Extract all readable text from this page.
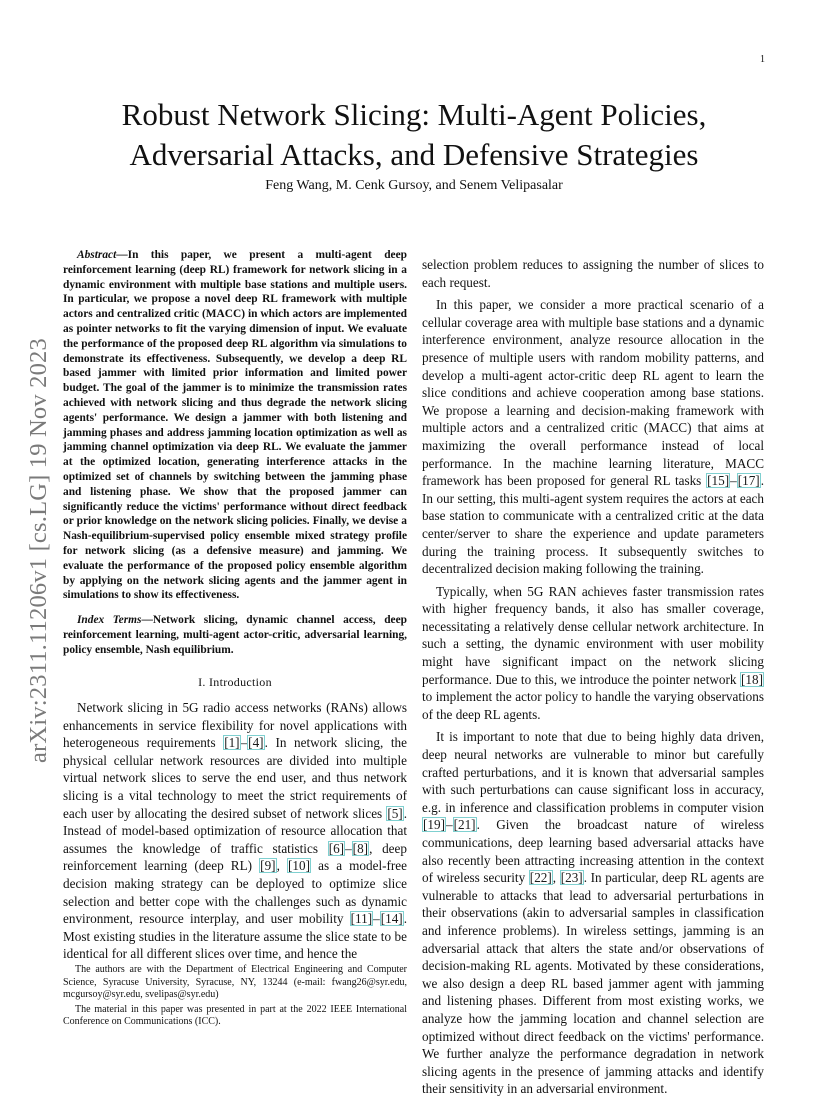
1
arXiv:2311.11206v1 [cs.LG] 19 Nov 2023
Robust Network Slicing: Multi-Agent Policies,
Adversarial Attacks, and Defensive Strategies
Feng Wang, M. Cenk Gursoy, and Senem Velipasalar

Abstract—In this paper, we present a multi-agent deep reinforcement learning (deep RL) framework for network slicing in a dynamic environment with multiple base stations and multiple users. In particular, we propose a novel deep RL framework with multiple actors and centralized critic (MACC) in which actors are implemented as pointer networks to fit the varying dimension of input. We evaluate the performance of the proposed deep RL algorithm via simulations to demonstrate its effectiveness. Subsequently, we develop a deep RL based jammer with limited prior information and limited power budget. The goal of the jammer is to minimize the transmission rates achieved with network slicing and thus degrade the network slicing agents' performance. We design a jammer with both listening and jamming phases and address jamming location optimization as well as jamming channel optimization via deep RL. We evaluate the jammer at the optimized location, generating interference attacks in the optimized set of channels by switching between the jamming phase and listening phase. We show that the proposed jammer can significantly reduce the victims' performance without direct feedback or prior knowledge on the network slicing policies. Finally, we devise a Nash-equilibrium-supervised policy ensemble mixed strategy profile for network slicing (as a defensive measure) and jamming. We evaluate the performance of the proposed policy ensemble algorithm by applying on the network slicing agents and the jammer agent in simulations to show its effectiveness.

Index Terms—Network slicing, dynamic channel access, deep reinforcement learning, multi-agent actor-critic, adversarial learning, policy ensemble, Nash equilibrium.

I. Introduction

Network slicing in 5G radio access networks (RANs) allows enhancements in service flexibility for novel applications with heterogeneous requirements [1]–[4]. In network slicing, the physical cellular network resources are divided into multiple virtual network slices to serve the end user, and thus network slicing is a vital technology to meet the strict requirements of each user by allocating the desired subset of network slices [5]. Instead of model-based optimization of resource allocation that assumes the knowledge of traffic statistics [6]–[8], deep reinforcement learning (deep RL) [9], [10] as a model-free decision making strategy can be deployed to optimize slice selection and better cope with the challenges such as dynamic environment, resource interplay, and user mobility [11]–[14]. Most existing studies in the literature assume the slice state to be identical for all different slices over time, and hence the

The authors are with the Department of Electrical Engineering and Computer Science, Syracuse University, Syracuse, NY, 13244 (e-mail: fwang26@syr.edu, mcgursoy@syr.edu, svelipas@syr.edu)

The material in this paper was presented in part at the 2022 IEEE International Conference on Communications (ICC).

selection problem reduces to assigning the number of slices to each request.

In this paper, we consider a more practical scenario of a cellular coverage area with multiple base stations and a dynamic interference environment, analyze resource allocation in the presence of multiple users with random mobility patterns, and develop a multi-agent actor-critic deep RL agent to learn the slice conditions and achieve cooperation among base stations. We propose a learning and decision-making framework with multiple actors and a centralized critic (MACC) that aims at maximizing the overall performance instead of local performance. In the machine learning literature, MACC framework has been proposed for general RL tasks [15]–[17]. In our setting, this multi-agent system requires the actors at each base station to communicate with a centralized critic at the data center/server to share the experience and update parameters during the training process. It subsequently switches to decentralized decision making following the training.

Typically, when 5G RAN achieves faster transmission rates with higher frequency bands, it also has smaller coverage, necessitating a relatively dense cellular network architecture. In such a setting, the dynamic environment with user mobility might have significant impact on the network slicing performance. Due to this, we introduce the pointer network [18] to implement the actor policy to handle the varying observations of the deep RL agents.

It is important to note that due to being highly data driven, deep neural networks are vulnerable to minor but carefully crafted perturbations, and it is known that adversarial samples with such perturbations can cause significant loss in accuracy, e.g. in inference and classification problems in computer vision [19]–[21]. Given the broadcast nature of wireless communications, deep learning based adversarial attacks have also recently been attracting increasing attention in the context of wireless security [22], [23]. In particular, deep RL agents are vulnerable to attacks that lead to adversarial perturbations in their observations (akin to adversarial samples in classification and inference problems). In wireless settings, jamming is an adversarial attack that alters the state and/or observations of decision-making RL agents. Motivated by these considerations, we also design a deep RL based jammer agent with jamming and listening phases. Different from most existing works, we analyze how the jamming location and channel selection are optimized without direct feedback on the victims' performance. We further analyze the performance degradation in network slicing agents in the presence of jamming attacks and identify their sensitivity in an adversarial environment.
